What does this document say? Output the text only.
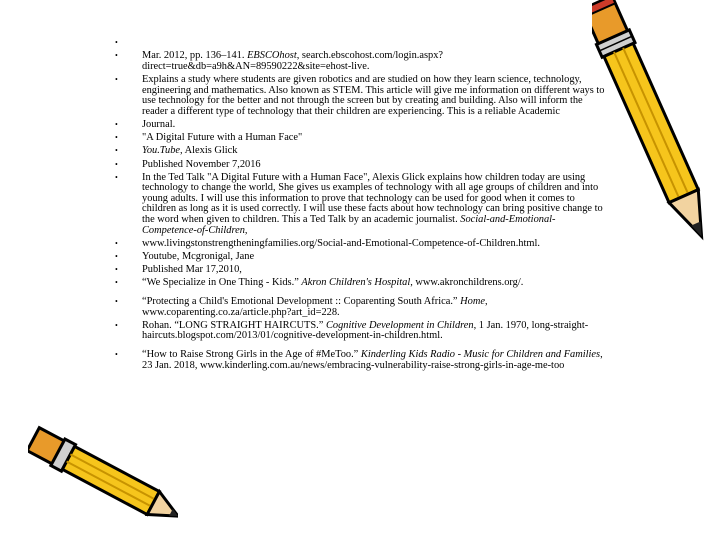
•
• Mar. 2012, pp. 136–141. EBSCOhost, search.ebscohost.com/login.aspx?direct=true&db=a9h&AN=89590222&site=ehost-live.
• Explains a study where students are given robotics and are studied on how they learn science, technology, engineering and mathematics. Also known as STEM. This article will give me information on different ways to use technology for the better and not through the screen but by creating and building. Also will inform the reader a different type of technology that their children are experiencing. This is a reliable Academic
• Journal.
• "A Digital Future with a Human Face"
• You.Tube, Alexis Glick
• Published November 7,2016
• In the Ted Talk "A Digital Future with a Human Face", Alexis Glick explains how children today are using technology to change the world, She gives us examples of technology with all age groups of children and into young adults. I will use this information to prove that technology can be used for good when it comes to children as long as it is used correctly. I will use these facts about how technology can bring positive change to the word when given to children. This a Ted Talk by an academic journalist. Social-and-Emotional-Competence-of-Children,
• www.livingstonstrengtheningfamilies.org/Social-and-Emotional-Competence-of-Children.html.
• Youtube, Mcgronigal, Jane
• Published Mar 17,2010,
• “We Specialize in One Thing - Kids.” Akron Children's Hospital, www.akronchildrens.org/.
• “Protecting a Child's Emotional Development :: Coparenting South Africa.” Home, www.coparenting.co.za/article.php?art_id=228.
• Rohan. “LONG STRAIGHT HAIRCUTS.” Cognitive Development in Children, 1 Jan. 1970, long-straight-haircuts.blogspot.com/2013/01/cognitive-development-in-children.html.
• “How to Raise Strong Girls in the Age of #MeToo.” Kinderling Kids Radio - Music for Children and Families, 23 Jan. 2018, www.kinderling.com.au/news/embracing-vulnerability-raise-strong-girls-in-age-me-too
